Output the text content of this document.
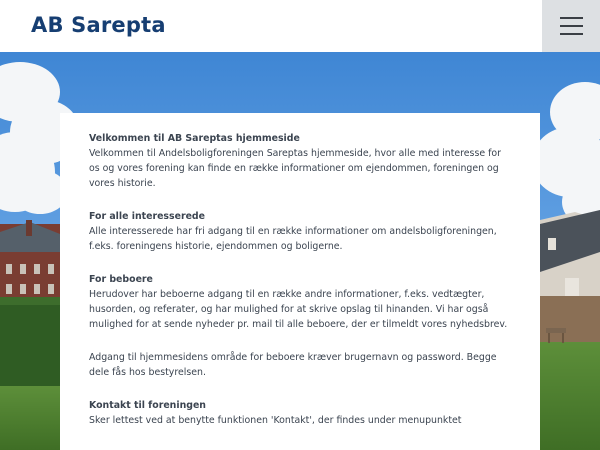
AB Sarepta
Velkommen til AB Sareptas hjemmeside

Velkommen til Andelsboligforeningen Sareptas hjemmeside, hvor alle med interesse for os og vores forening kan finde en række informationer om ejendommen, foreningen og vores historie.

For alle interesserede

Alle interesserede har fri adgang til en række informationer om andelsboligforeningen, f.eks. foreningens historie, ejendommen og boligerne.

For beboere

Herudover har beboerne adgang til en række andre informationer, f.eks. vedtægter, husorden, og referater, og har mulighed for at skrive opslag til hinanden. Vi har også mulighed for at sende nyheder pr. mail til alle beboere, der er tilmeldt vores nyhedsbrev.

Adgang til hjemmesidens område for beboere kræver brugernavn og password. Begge dele fås hos bestyrelsen.

Kontakt til foreningen

Sker lettest ved at benytte funktionen 'Kontakt', der findes under menupunktet
